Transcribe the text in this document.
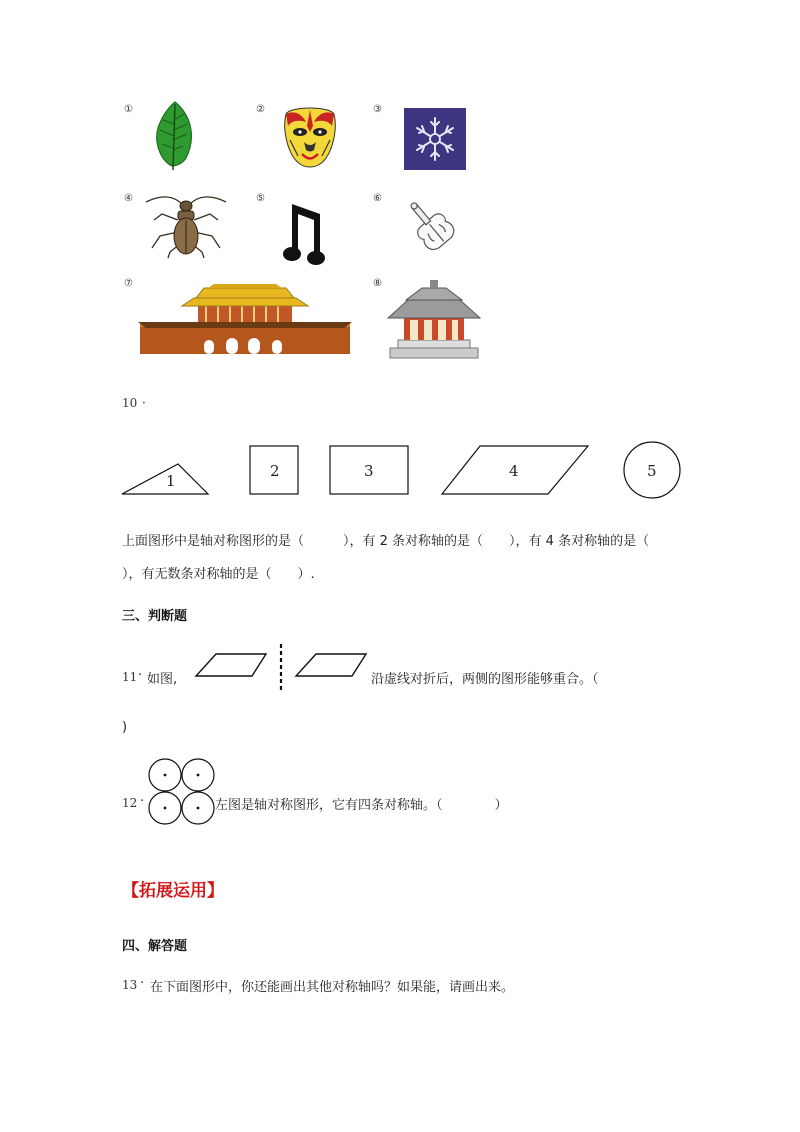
①	②	③
④	⑤	⑥
⑦	⑧
10 ·
1
2	3	4	5
上面图形中是轴对称图形的是（　　　），有 2 条对称轴的是（　　），有 4 条对称轴的是（
），有无数条对称轴的是（　　）.
三、判断题
11 · 如图,	沿虚线对折后，两侧的图形能够重合。（
)
12 ·	左图是轴对称图形，它有四条对称轴。（　　　　）
【拓展运用】
四、解答题
13 · 在下面图形中，你还能画出其他对称轴吗？如果能，请画出来。
